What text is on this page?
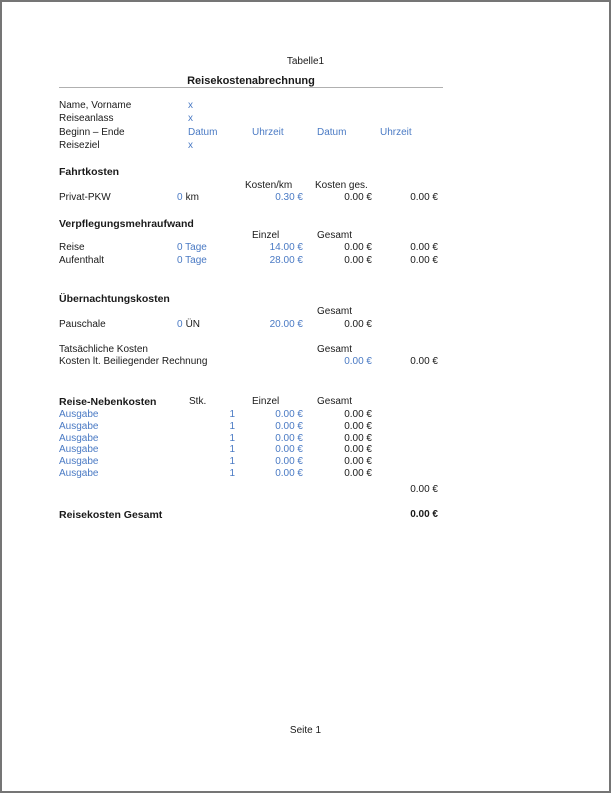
Tabelle1
Reisekostenabrechnung
Name, Vorname	x
Reiseanlass	x
Beginn – Ende	Datum	Uhrzeit	Datum	Uhrzeit
Reiseziel	x
Fahrtkosten
Kosten/km Kosten ges.
Privat-PKW	0 km	0.30 €	0.00 €	0.00 €
Verpflegungsmehraufwand
Einzel	Gesamt
Reise	0 Tage	14.00 €	0.00 €	0.00 €
Aufenthalt	0 Tage	28.00 €	0.00 €	0.00 €
Übernachtungskosten
Gesamt
Pauschale	0 ÜN	20.00 €	0.00 €
Tatsächliche Kosten	Gesamt
Kosten lt. Beiliegender Rechnung	0.00 €	0.00 €
Reise-Nebenkosten	Stk.	Einzel	Gesamt
Ausgabe	1	0.00 €	0.00 €
Ausgabe	1	0.00 €	0.00 €
Ausgabe	1	0.00 €	0.00 €
Ausgabe	1	0.00 €	0.00 €
Ausgabe	1	0.00 €	0.00 €
Ausgabe	1	0.00 €	0.00 €
0.00 €
Reisekosten Gesamt	0.00 €
Seite 1
